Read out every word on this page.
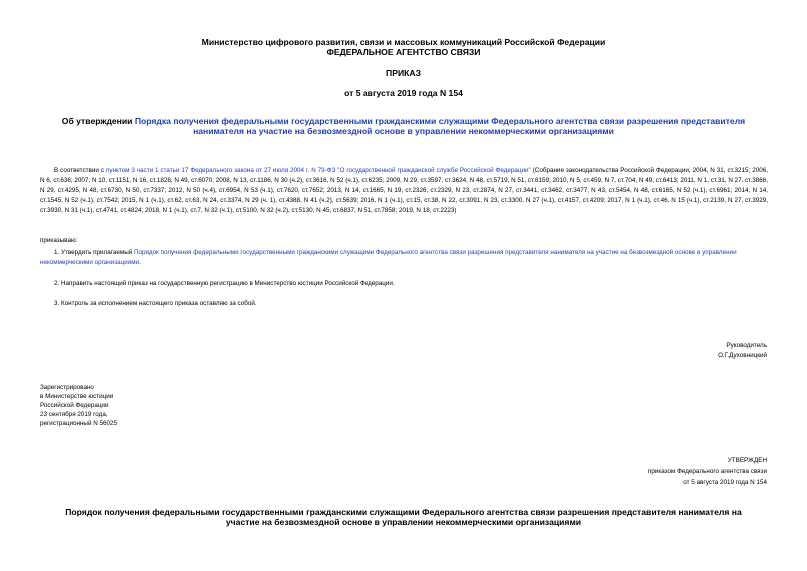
Министерство цифрового развития, связи и массовых коммуникаций Российской Федерации
ФЕДЕРАЛЬНОЕ АГЕНТСТВО СВЯЗИ
ПРИКАЗ
от 5 августа 2019 года N 154
Об утверждении Порядка получения федеральными государственными гражданскими служащими Федерального агентства связи разрешения представителя нанимателя на участие на безвозмездной основе в управлении некоммерческими организациями
В соответствии с пунктом 3 части 1 статьи 17 Федерального закона от 27 июля 2004 г. N 79-ФЗ "О государственной гражданской службе Российской Федерации" (Собрание законодательства Российской Федерации, 2004, N 31, ст.3215; 2006, N 6, ст.636; 2007, N 10, ст.1151, N 16, ст.1828, N 49, ст.6070; 2008, N 13, ст.1186, N 30 (ч.2), ст.3616, N 52 (ч.1), ст.6235; 2009, N 29, ст.3597, ст.3624, N 48, ст.5719, N 51, ст.6159; 2010, N 5, ст.459, N 7, ст.704, N 49, ст.6413; 2011, N 1, ст.31, N 27, ст.3866, N 29, ст.4295, N 48, ст.6730, N 50, ст.7337; 2012, N 50 (ч.4), ст.6954, N 53 (ч.1), ст.7620, ст.7652; 2013, N 14, ст.1665, N 19, ст.2326, ст.2329, N 23, ст.2874, N 27, ст.3441, ст.3462, ст.3477, N 43, ст.5454, N 48, ст.6165, N 52 (ч.1), ст.6961; 2014, N 14, ст.1545, N 52 (ч.1), ст.7542; 2015, N 1 (ч.1), ст.62, ст.63, N 24, ст.3374, N 29 (ч. 1), ст.4388, N 41 (ч.2), ст.5639; 2016, N 1 (ч.1), ст.15, ст.38, N 22, ст.3091, N 23, ст.3300, N 27 (ч.1), ст.4157, ст.4209; 2017, N 1 (ч.1), ст.46, N 15 (ч.1), ст.2139, N 27, ст.3929, ст.3930, N 31 (ч.1), ст.4741, ст.4824; 2018, N 1 (ч.1), ст.7, N 32 (ч.1), ст.5100, N 32 (ч.2), ст.5130, N 45, ст.6837, N 51, ст.7858; 2019, N 18, ст.2223)
приказываю:
1. Утвердить прилагаемый Порядок получения федеральными государственными гражданскими служащими Федерального агентства связи разрешения представителя нанимателя на участие на безвозмездной основе в управлении некоммерческими организациями.
2. Направить настоящий приказ на государственную регистрацию в Министерство юстиции Российской Федерации.
3. Контроль за исполнением настоящего приказа оставляю за собой.
Руководитель
О.Г.Духовницкий
Зарегистрировано
в Министерстве юстиции
Российской Федерации
23 сентября 2019 года,
регистрационный N 56025
УТВЕРЖДЕН
приказом Федерального агентства связи
от 5 августа 2019 года N 154
Порядок получения федеральными государственными гражданскими служащими Федерального агентства связи разрешения представителя нанимателя на участие на безвозмездной основе в управлении некоммерческими организациями
